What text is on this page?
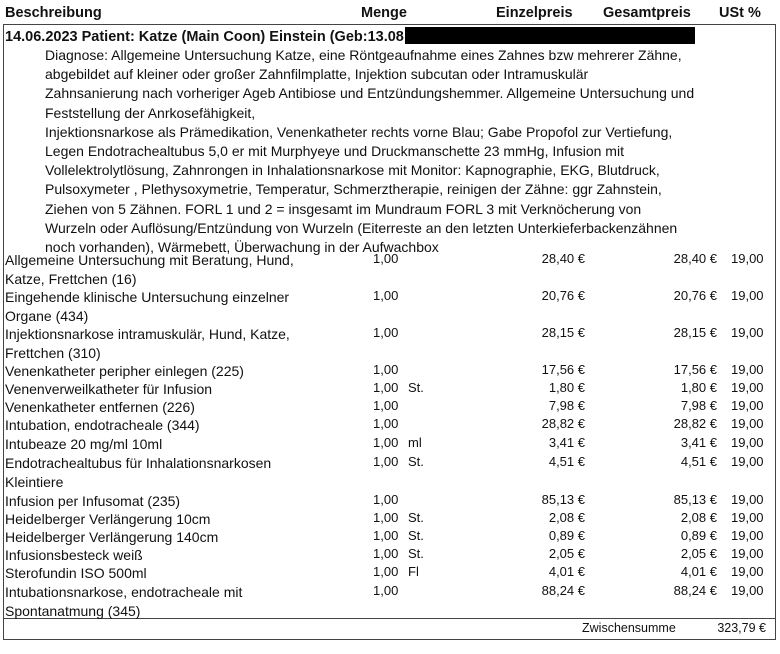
Beschreibung	Menge	Einzelpreis Gesamtpreis USt %
14.06.2023 Patient: Katze (Main Coon) Einstein (Geb:13.08
Diagnose: Allgemeine Untersuchung Katze, eine Röntgeaufnahme eines Zahnes bzw mehrerer Zähne,
abgebildet auf kleiner oder großer Zahnfilmplatte, Injektion subcutan oder Intramuskulär
Zahnsanierung nach vorheriger Ageb Antibiose und Entzündungshemmer. Allgemeine Untersuchung und
Feststellung der Anrkosefähigkeit,
Injektionsnarkose als Prämedikation, Venenkatheter rechts vorne Blau; Gabe Propofol zur Vertiefung,
Legen Endotrachealtubus 5,0 er mit Murphyeye und Druckmanschette 23 mmHg, Infusion mit
Vollelektrolytlösung, Zahnrongen in Inhalationsnarkose mit Monitor: Kapnographie, EKG, Blutdruck,
Pulsoxymeter , Plethysoxymetrie, Temperatur, Schmerztherapie, reinigen der Zähne: ggr Zahnstein,
Ziehen von 5 Zähnen. FORL 1 und 2 = insgesamt im Mundraum FORL 3 mit Verknöcherung von
Wurzeln oder Auflösung/Entzündung von Wurzeln (Eiterreste an den letzten Unterkieferbackenzähnen
noch vorhanden), Wärmebett, Überwachung in der Aufwachbox
Allgemeine Untersuchung mit Beratung, Hund,
Katze, Frettchen (16)
1,00	28,40 €	28,40 € 19,00
Eingehende klinische Untersuchung einzelner
Organe (434)
1,00	20,76 €	20,76 € 19,00
Injektionsnarkose intramuskulär, Hund, Katze,
Frettchen (310)
1,00	28,15 €	28,15 € 19,00
Venenkatheter peripher einlegen (225)	1,00	17,56 €	17,56 € 19,00
Venenverweilkatheter für Infusion	1,00 St.	1,80 €	1,80 € 19,00
Venenkatheter entfernen (226)	1,00	7,98 €	7,98 € 19,00
Intubation, endotracheale (344)	1,00	28,82 €	28,82 € 19,00
Intubeaze 20 mg/ml 10ml	1,00 ml	3,41 €	3,41 € 19,00
Endotrachealtubus für Inhalationsnarkosen
Kleintiere
1,00 St.	4,51 €	4,51 € 19,00
Infusion per Infusomat (235)	1,00	85,13 €	85,13 € 19,00
Heidelberger Verlängerung 10cm	1,00 St.	2,08 €	2,08 € 19,00
Heidelberger Verlängerung 140cm	1,00 St.	0,89 €	0,89 € 19,00
Infusionsbesteck weiß	1,00 St.	2,05 €	2,05 € 19,00
Sterofundin ISO 500ml	1,00 Fl	4,01 €	4,01 € 19,00
Intubationsnarkose, endotracheale mit
Spontanatmung (345)
1,00	88,24 €	88,24 € 19,00
Zwischensumme	323,79 €
